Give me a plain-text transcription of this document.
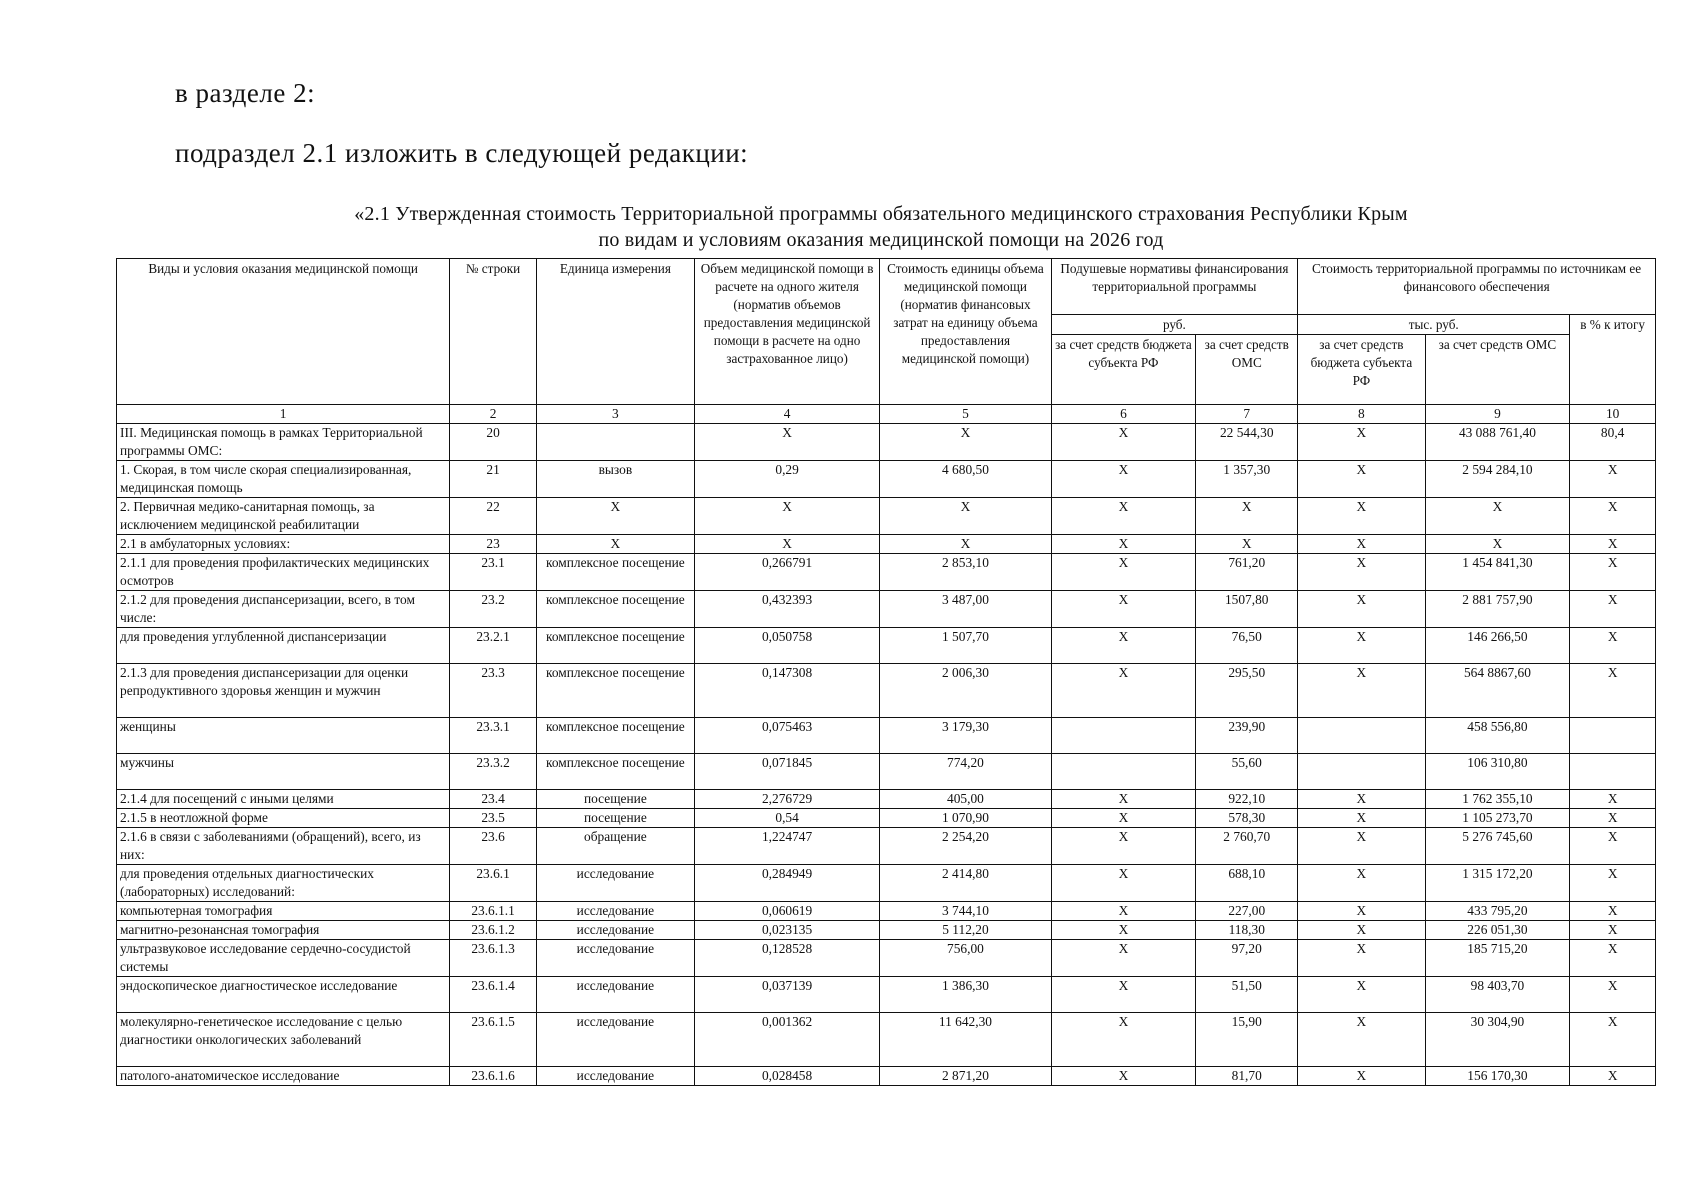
в разделе 2:
подраздел 2.1 изложить в следующей редакции:
«2.1 Утвержденная стоимость Территориальной программы обязательного медицинского страхования Республики Крым
по видам и условиям оказания медицинской помощи на 2026 год
Виды и условия оказания медицинской помощи	№ строки	Единица измерения	Объем медицинской помощи в расчете на одного жителя (норматив объемов предоставления медицинской помощи в расчете на одно застрахованное лицо)	Стоимость единицы объема медицинской помощи (норматив финансовых затрат на единицу объема предоставления медицинской помощи)	Подушевые нормативы финансирования территориальной программы		Стоимость территориальной программы по источникам ее финансового обеспечения		
					руб.		тыс. руб.		в % к итогу
					за счет средств бюджета субъекта РФ	за счет средств ОМС	за счет средств бюджета субъекта РФ	за счет средств ОМС	
1	2	3	4	5	6	7	8	9	10
III. Медицинская помощь в рамках Территориальной программы ОМС:	20		X	X	X	22 544,30	X	43 088 761,40	80,4
1. Скорая, в том числе скорая специализированная, медицинская помощь	21	вызов	0,29	4 680,50	X	1 357,30	X	2 594 284,10	X
2. Первичная медико-санитарная помощь, за исключением медицинской реабилитации	22	X	X	X	X	X	X	X	X
2.1 в амбулаторных условиях:	23	X	X	X	X	X	X	X	X
2.1.1 для проведения профилактических медицинских осмотров	23.1	комплексное посещение	0,266791	2 853,10	X	761,20	X	1 454 841,30	X
2.1.2 для проведения диспансеризации, всего, в том числе:	23.2	комплексное посещение	0,432393	3 487,00	X	1507,80	X	2 881 757,90	X
для проведения углубленной диспансеризации	23.2.1	комплексное посещение	0,050758	1 507,70	X	76,50	X	146 266,50	X
2.1.3 для проведения диспансеризации для оценки репродуктивного здоровья женщин и мужчин	23.3	комплексное посещение	0,147308	2 006,30	X	295,50	X	564 8867,60	X
женщины	23.3.1	комплексное посещение	0,075463	3 179,30		239,90		458 556,80	
мужчины	23.3.2	комплексное посещение	0,071845	774,20		55,60		106 310,80	
2.1.4 для посещений с иными целями	23.4	посещение	2,276729	405,00	X	922,10	X	1 762 355,10	X
2.1.5 в неотложной форме	23.5	посещение	0,54	1 070,90	X	578,30	X	1 105 273,70	X
2.1.6 в связи с заболеваниями (обращений), всего, из них:	23.6	обращение	1,224747	2 254,20	X	2 760,70	X	5 276 745,60	X
для проведения отдельных диагностических (лабораторных) исследований:	23.6.1	исследование	0,284949	2 414,80	X	688,10	X	1 315 172,20	X
компьютерная томография	23.6.1.1	исследование	0,060619	3 744,10	X	227,00	X	433 795,20	X
магнитно-резонансная томография	23.6.1.2	исследование	0,023135	5 112,20	X	118,30	X	226 051,30	X
ультразвуковое исследование сердечно-сосудистой системы	23.6.1.3	исследование	0,128528	756,00	X	97,20	X	185 715,20	X
эндоскопическое диагностическое исследование	23.6.1.4	исследование	0,037139	1 386,30	X	51,50	X	98 403,70	X
молекулярно-генетическое исследование с целью диагностики онкологических заболеваний	23.6.1.5	исследование	0,001362	11 642,30	X	15,90	X	30 304,90	X
патолого-анатомическое исследование	23.6.1.6	исследование	0,028458	2 871,20	X	81,70	X	156 170,30	X
